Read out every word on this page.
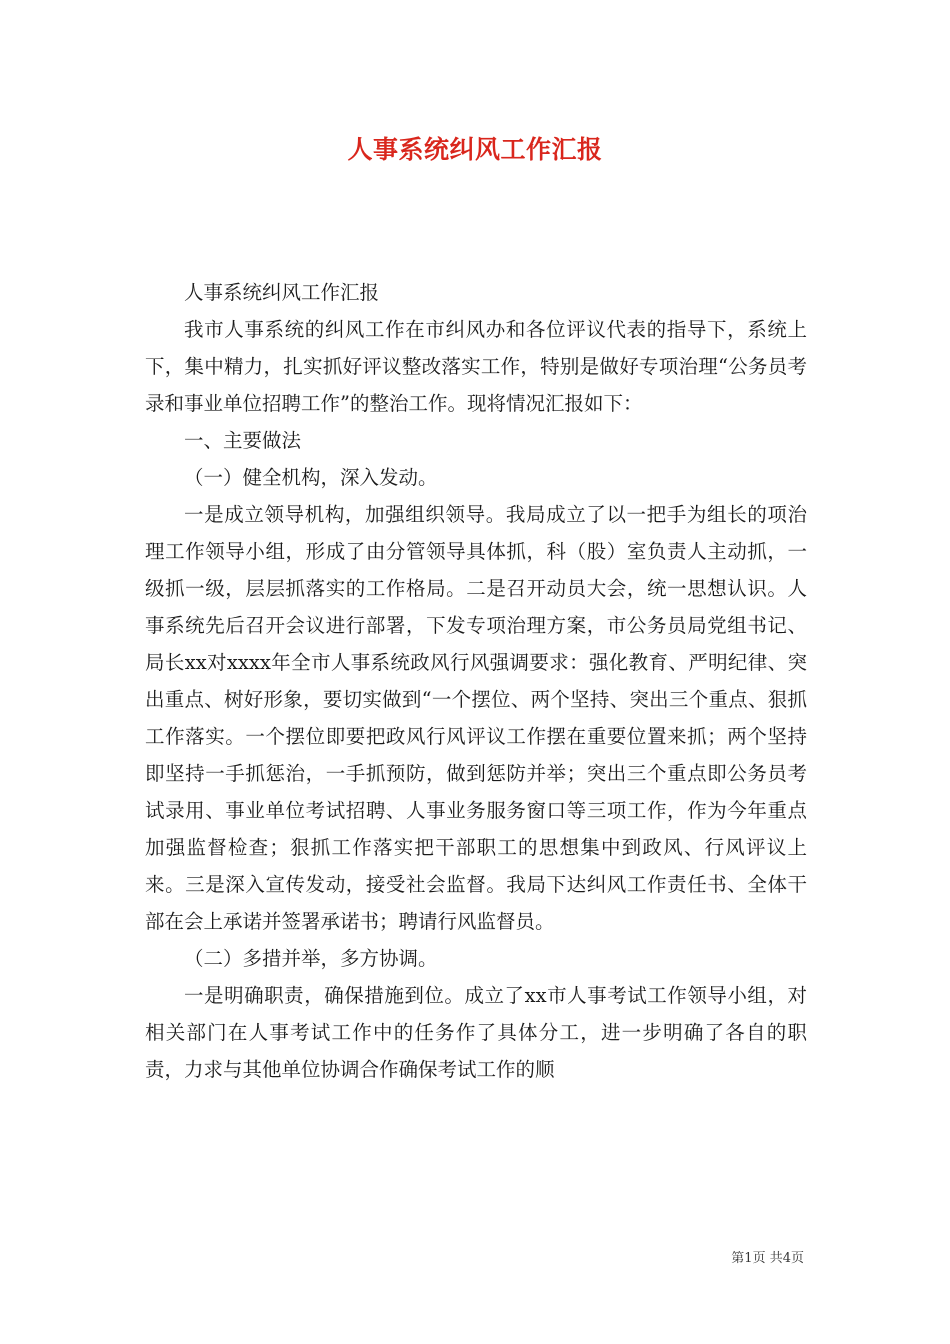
人事系统纠风工作汇报

人事系统纠风工作汇报

我市人事系统的纠风工作在市纠风办和各位评议代表的指导下，系统上下，集中精力，扎实抓好评议整改落实工作，特别是做好专项治理“公务员考录和事业单位招聘工作”的整治工作。现将情况汇报如下：

一、主要做法

（一）健全机构，深入发动。

一是成立领导机构，加强组织领导。我局成立了以一把手为组长的项治理工作领导小组，形成了由分管领导具体抓，科（股）室负责人主动抓，一级抓一级，层层抓落实的工作格局。二是召开动员大会，统一思想认识。人事系统先后召开会议进行部署，下发专项治理方案，市公务员局党组书记、局长xx对xxxx年全市人事系统政风行风强调要求：强化教育、严明纪律、突出重点、树好形象，要切实做到“一个摆位、两个坚持、突出三个重点、狠抓工作落实。一个摆位即要把政风行风评议工作摆在重要位置来抓；两个坚持即坚持一手抓惩治，一手抓预防，做到惩防并举；突出三个重点即公务员考试录用、事业单位考试招聘、人事业务服务窗口等三项工作，作为今年重点加强监督检查；狠抓工作落实把干部职工的思想集中到政风、行风评议上来。三是深入宣传发动，接受社会监督。我局下达纠风工作责任书、全体干部在会上承诺并签署承诺书；聘请行风监督员。

（二）多措并举，多方协调。

一是明确职责，确保措施到位。成立了xx市人事考试工作领导小组，对相关部门在人事考试工作中的任务作了具体分工，进一步明确了各自的职责，力求与其他单位协调合作确保考试工作的顺

第1页 共4页
